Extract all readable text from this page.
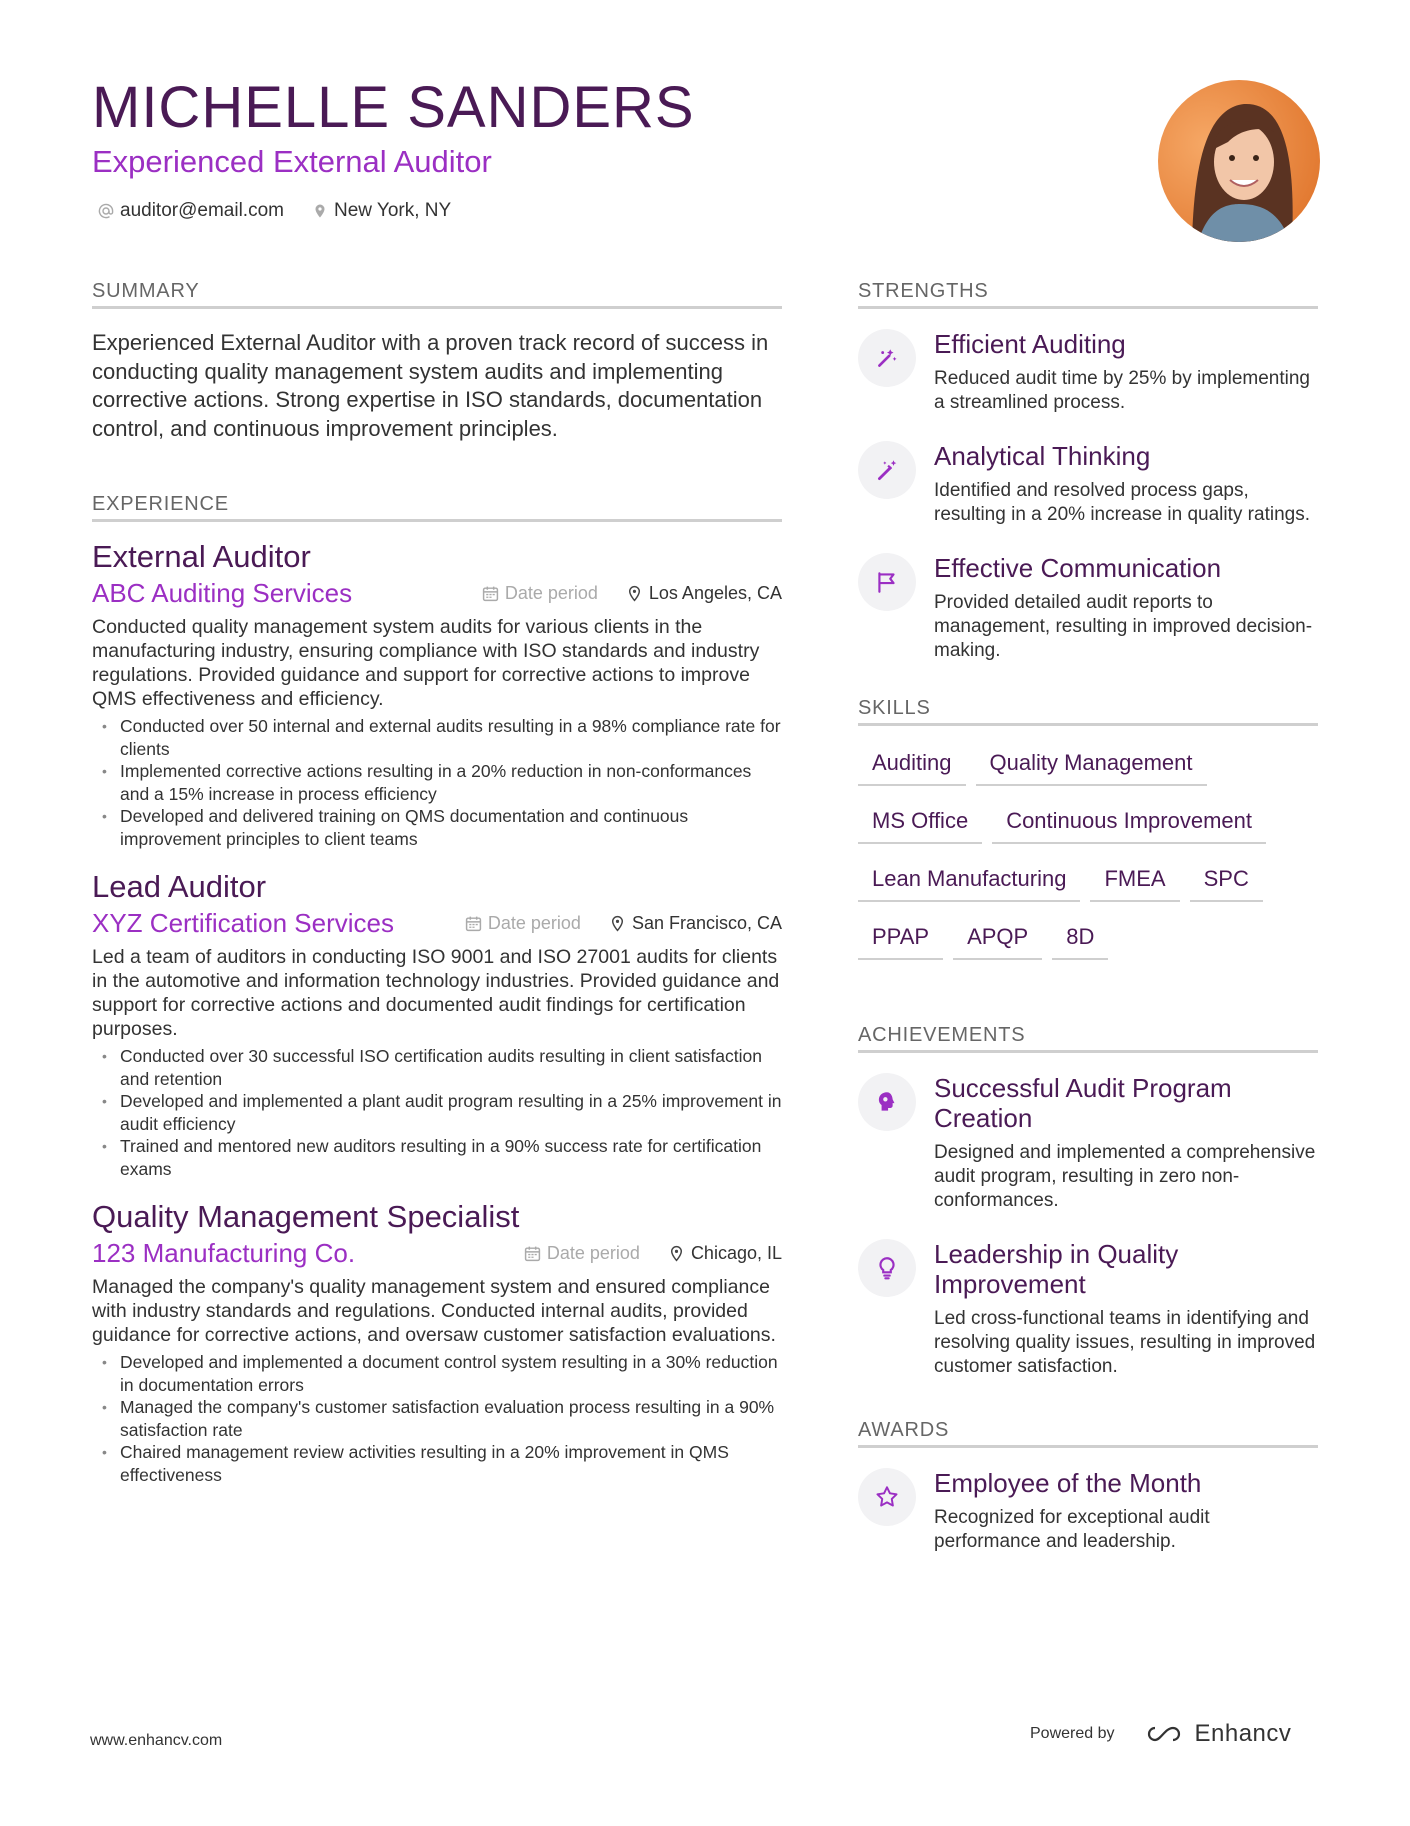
MICHELLE SANDERS
Experienced External Auditor
auditor@email.com	New York, NY
SUMMARY

Experienced External Auditor with a proven track record of success in conducting quality management system audits and implementing corrective actions. Strong expertise in ISO standards, documentation control, and continuous improvement principles.

EXPERIENCE
External Auditor
ABC Auditing Services	Date period	Los Angeles, CA

Conducted quality management system audits for various clients in the manufacturing industry, ensuring compliance with ISO standards and industry regulations. Provided guidance and support for corrective actions to improve QMS effectiveness and efficiency.

• Conducted over 50 internal and external audits resulting in a 98% compliance rate for clients
• Implemented corrective actions resulting in a 20% reduction in non-conformances and a 15% increase in process efficiency
• Developed and delivered training on QMS documentation and continuous improvement principles to client teams
Lead Auditor
XYZ Certification Services	Date period	San Francisco, CA

Led a team of auditors in conducting ISO 9001 and ISO 27001 audits for clients in the automotive and information technology industries. Provided guidance and support for corrective actions and documented audit findings for certification purposes.

• Conducted over 30 successful ISO certification audits resulting in client satisfaction and retention
• Developed and implemented a plant audit program resulting in a 25% improvement in audit efficiency
• Trained and mentored new auditors resulting in a 90% success rate for certification exams
Quality Management Specialist
123 Manufacturing Co.	Date period	Chicago, IL

Managed the company's quality management system and ensured compliance with industry standards and regulations. Conducted internal audits, provided guidance for corrective actions, and oversaw customer satisfaction evaluations.

• Developed and implemented a document control system resulting in a 30% reduction in documentation errors
• Managed the company's customer satisfaction evaluation process resulting in a 90% satisfaction rate
• Chaired management review activities resulting in a 20% improvement in QMS effectiveness
STRENGTHS
Efficient Auditing
Reduced audit time by 25% by implementing a streamlined process.
Analytical Thinking
Identified and resolved process gaps, resulting in a 20% increase in quality ratings.
Effective Communication
Provided detailed audit reports to management, resulting in improved decision-making.
SKILLS
Auditing	Quality Management
MS Office	Continuous Improvement
Lean Manufacturing	FMEA	SPC
PPAP	APQP	8D
ACHIEVEMENTS
Successful Audit Program Creation
Designed and implemented a comprehensive audit program, resulting in zero non-conformances.
Leadership in Quality Improvement
Led cross-functional teams in identifying and resolving quality issues, resulting in improved customer satisfaction.
AWARDS
Employee of the Month
Recognized for exceptional audit performance and leadership.
www.enhancv.com	Powered by	Enhancv
